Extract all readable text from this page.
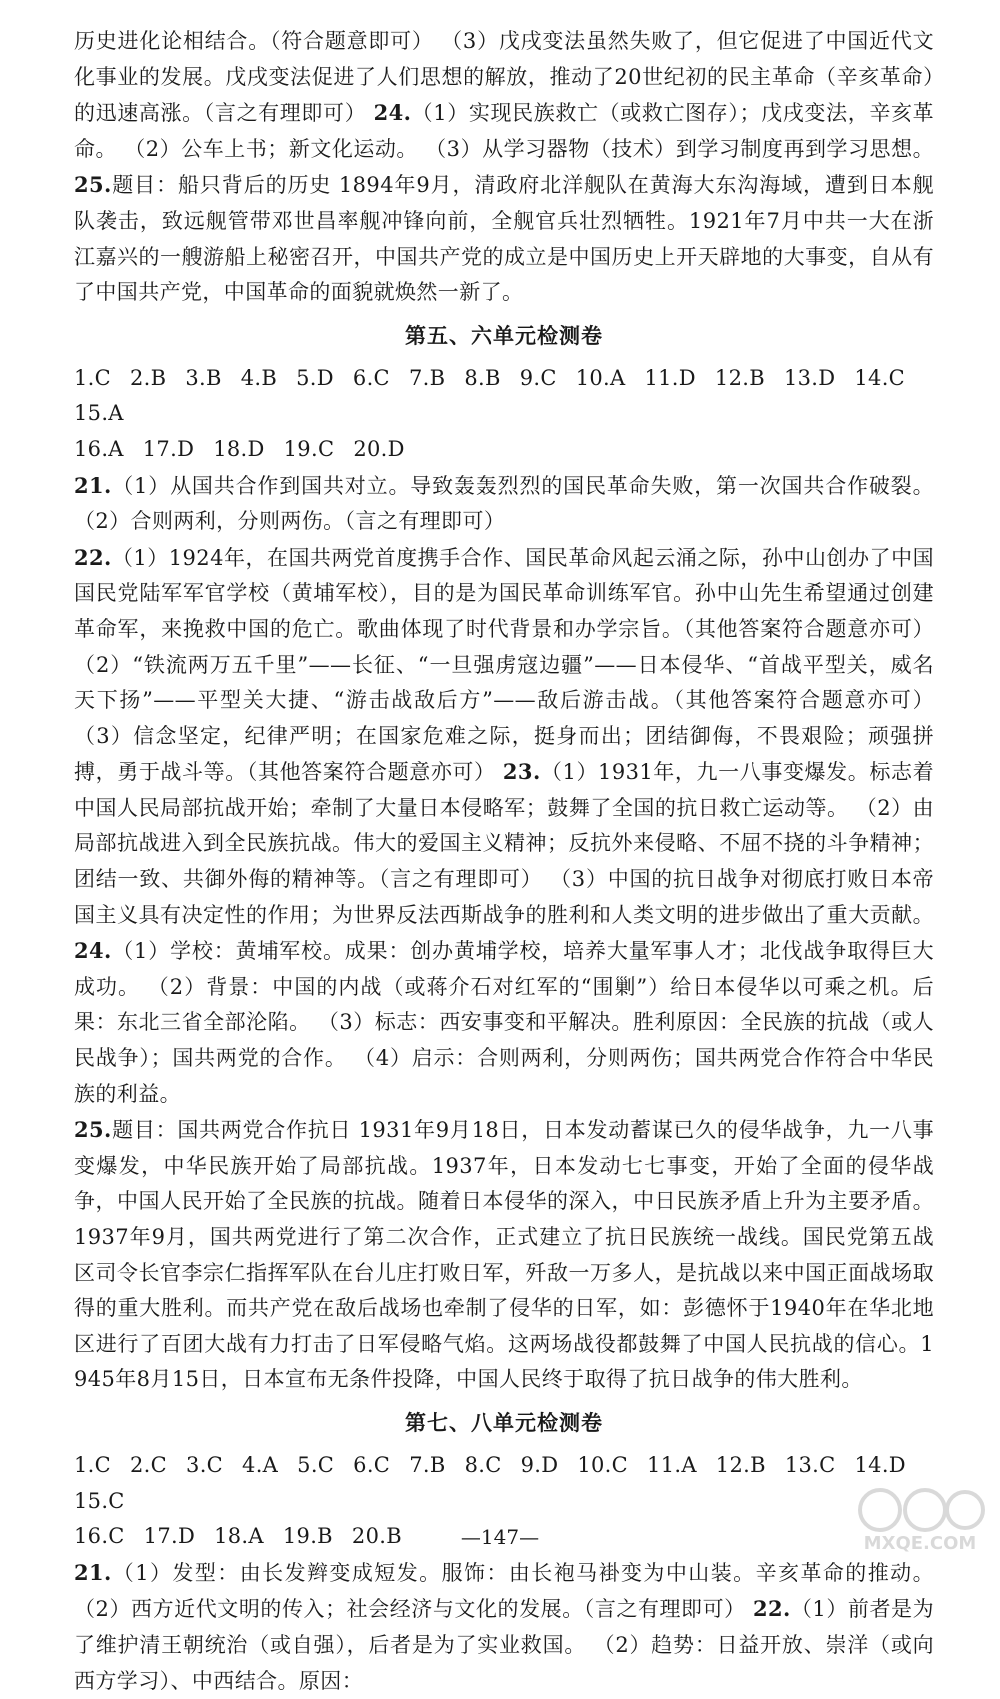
历史进化论相结合。（符合题意即可） （3）戊戌变法虽然失败了，但它促进了中国近代文化事业的发展。戊戌变法促进了人们思想的解放，推动了20世纪初的民主革命（辛亥革命）的迅速高涨。（言之有理即可） 24.（1）实现民族救亡（或救亡图存）；戊戌变法，辛亥革命。 （2）公车上书；新文化运动。 （3）从学习器物（技术）到学习制度再到学习思想。 25.题目：船只背后的历史 1894年9月，清政府北洋舰队在黄海大东沟海域，遭到日本舰队袭击，致远舰管带邓世昌率舰冲锋向前，全舰官兵壮烈牺牲。1921年7月中共一大在浙江嘉兴的一艘游船上秘密召开，中国共产党的成立是中国历史上开天辟地的大事变，自从有了中国共产党，中国革命的面貌就焕然一新了。

第五、六单元检测卷

1.C 2.B 3.B 4.B 5.D 6.C 7.B 8.B 9.C 10.A 11.D 12.B 13.D 14.C15.A
16.A 17.D 18.D 19.C 20.D

21.（1）从国共合作到国共对立。导致轰轰烈烈的国民革命失败，第一次国共合作破裂。 （2）合则两利，分则两伤。（言之有理即可）

22.（1）1924年，在国共两党首度携手合作、国民革命风起云涌之际，孙中山创办了中国国民党陆军军官学校（黄埔军校），目的是为国民革命训练军官。孙中山先生希望通过创建革命军，来挽救中国的危亡。歌曲体现了时代背景和办学宗旨。（其他答案符合题意亦可） （2）“铁流两万五千里”——长征、“一旦强虏寇边疆”——日本侵华、“首战平型关，威名天下扬”——平型关大捷、“游击战敌后方”——敌后游击战。（其他答案符合题意亦可） （3）信念坚定，纪律严明；在国家危难之际，挺身而出；团结御侮，不畏艰险；顽强拼搏，勇于战斗等。（其他答案符合题意亦可） 23.（1）1931年，九一八事变爆发。标志着中国人民局部抗战开始；牵制了大量日本侵略军；鼓舞了全国的抗日救亡运动等。 （2）由局部抗战进入到全民族抗战。伟大的爱国主义精神；反抗外来侵略、不屈不挠的斗争精神；团结一致、共御外侮的精神等。（言之有理即可） （3）中国的抗日战争对彻底打败日本帝国主义具有决定性的作用；为世界反法西斯战争的胜利和人类文明的进步做出了重大贡献。 24.（1）学校：黄埔军校。成果：创办黄埔学校，培养大量军事人才；北伐战争取得巨大成功。 （2）背景：中国的内战（或蒋介石对红军的“围剿”）给日本侵华以可乘之机。后果：东北三省全部沦陷。 （3）标志：西安事变和平解决。胜利原因：全民族的抗战（或人民战争）；国共两党的合作。 （4）启示：合则两利，分则两伤；国共两党合作符合中华民族的利益。

25.题目：国共两党合作抗日 1931年9月18日，日本发动蓄谋已久的侵华战争，九一八事变爆发，中华民族开始了局部抗战。1937年，日本发动七七事变，开始了全面的侵华战争，中国人民开始了全民族的抗战。随着日本侵华的深入，中日民族矛盾上升为主要矛盾。1937年9月，国共两党进行了第二次合作，正式建立了抗日民族统一战线。国民党第五战区司令长官李宗仁指挥军队在台儿庄打败日军，歼敌一万多人，是抗战以来中国正面战场取得的重大胜利。而共产党在敌后战场也牵制了侵华的日军，如：彭德怀于1940年在华北地区进行了百团大战有力打击了日军侵略气焰。这两场战役都鼓舞了中国人民抗战的信心。1945年8月15日，日本宣布无条件投降，中国人民终于取得了抗日战争的伟大胜利。

第七、八单元检测卷

1.C 2.C 3.C 4.A 5.C 6.C 7.B 8.C 9.D 10.C 11.A 12.B 13.C 14.D15.C
16.C 17.D 18.A 19.B 20.B

21.（1）发型：由长发辫变成短发。服饰：由长袍马褂变为中山装。辛亥革命的推动。 （2）西方近代文明的传入；社会经济与文化的发展。（言之有理即可） 22.（1）前者是为了维护清王朝统治（或自强），后者是为了实业救国。 （2）趋势：日益开放、崇洋（或向西方学习）、中西结合。原因：

—147—	MXQE.COM
